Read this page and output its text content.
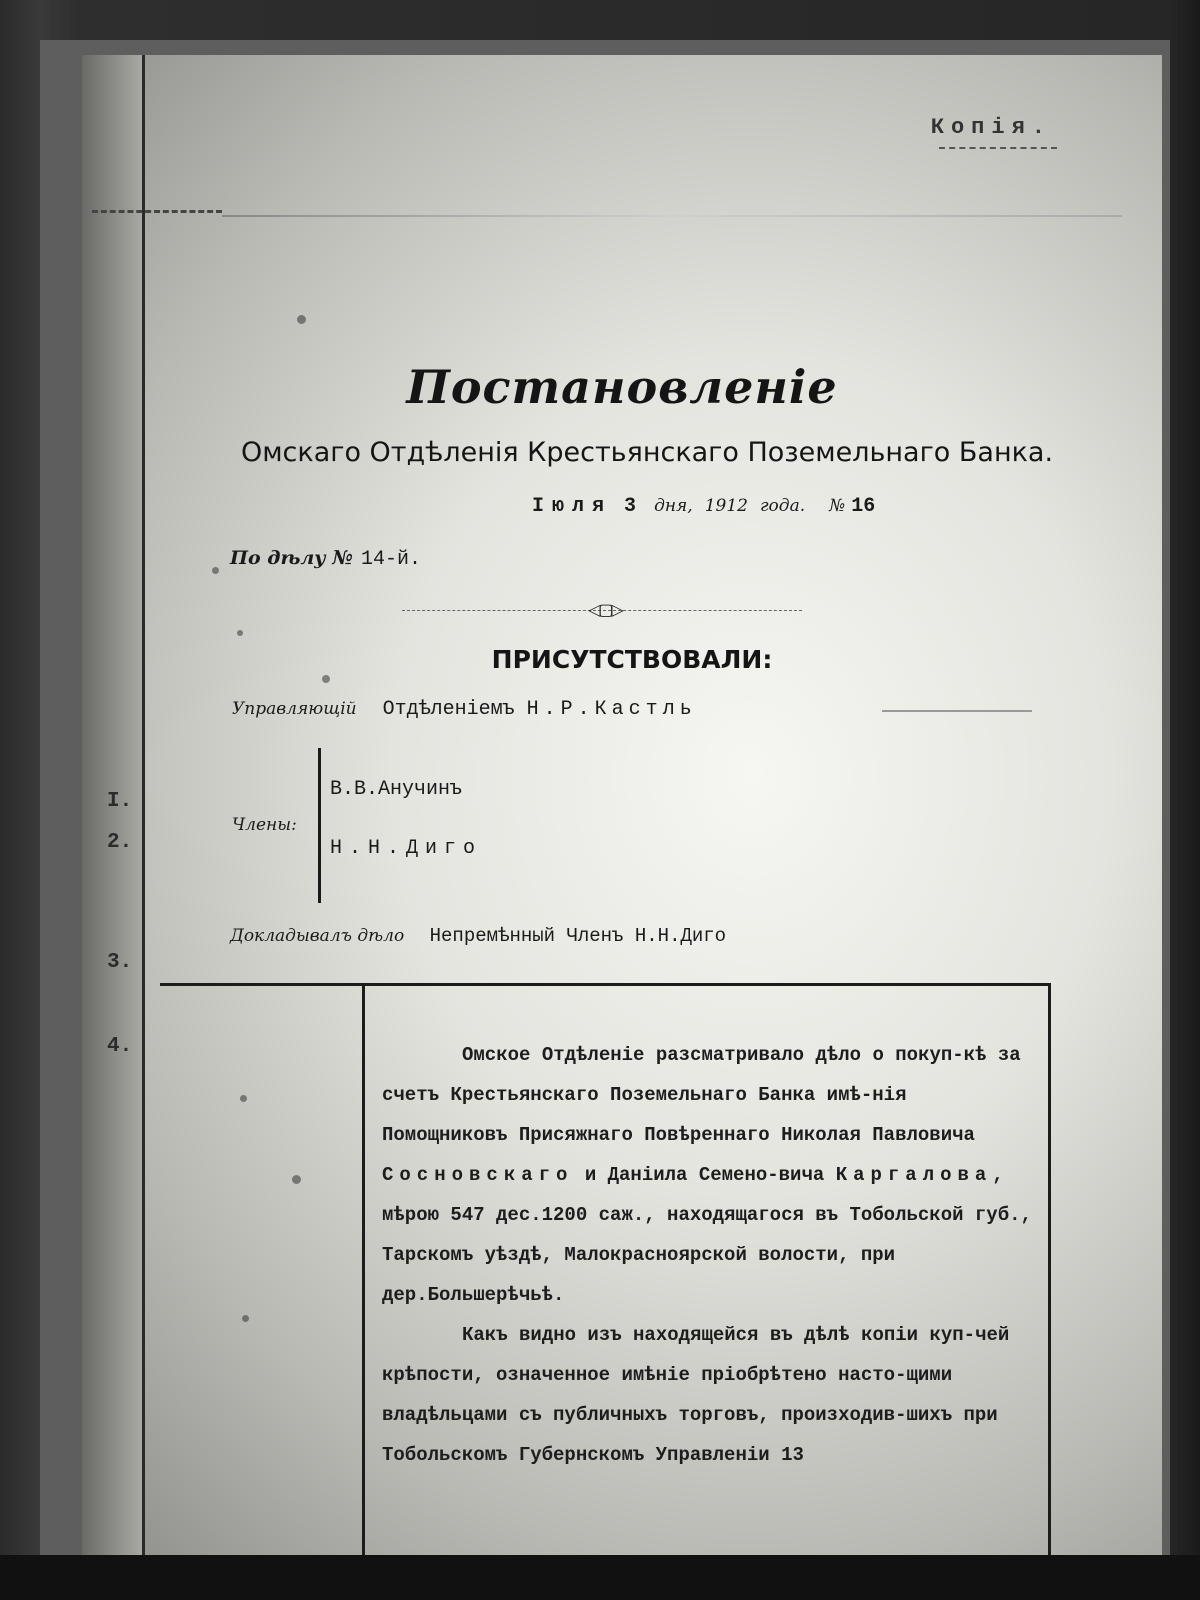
Копія.
Постановленіе
Омскаго Отдѣленія Крестьянскаго Поземельнаго Банка.
Іюля 3 дня, 1912 года. № 16
По дѣлу № 14-й.
◁▢▷
ПРИСУТСТВОВАЛИ:
Управляющій Отдѣленіемъ Н.Р.Кастль
I.
2.
3.
4.
Члены:
В.В.Анучинъ
Н.Н.Диго
Докладывалъ дѣло Непремѣнный Членъ Н.Н.Диго

Омское Отдѣленіе разсматривало дѣло о покуп-кѣ за счетъ Крестьянскаго Поземельнаго Банка имѣ-нія Помощниковъ Присяжнаго Повѣреннаго Николая Павловича Сосновскаго и Даніила Семено-вича Каргалова, мѣрою 547 дес.1200 саж., находящагося въ Тобольской губ., Тарскомъ уѣздѣ, Малокрасноярской волости, при дер.Большерѣчьѣ.

Какъ видно изъ находящейся въ дѣлѣ копіи куп-чей крѣпости, означенное имѣніе пріобрѣтено насто-щими владѣльцами съ публичныхъ торговъ, произходив-шихъ при Тобольскомъ Губернскомъ Управленіи 13
